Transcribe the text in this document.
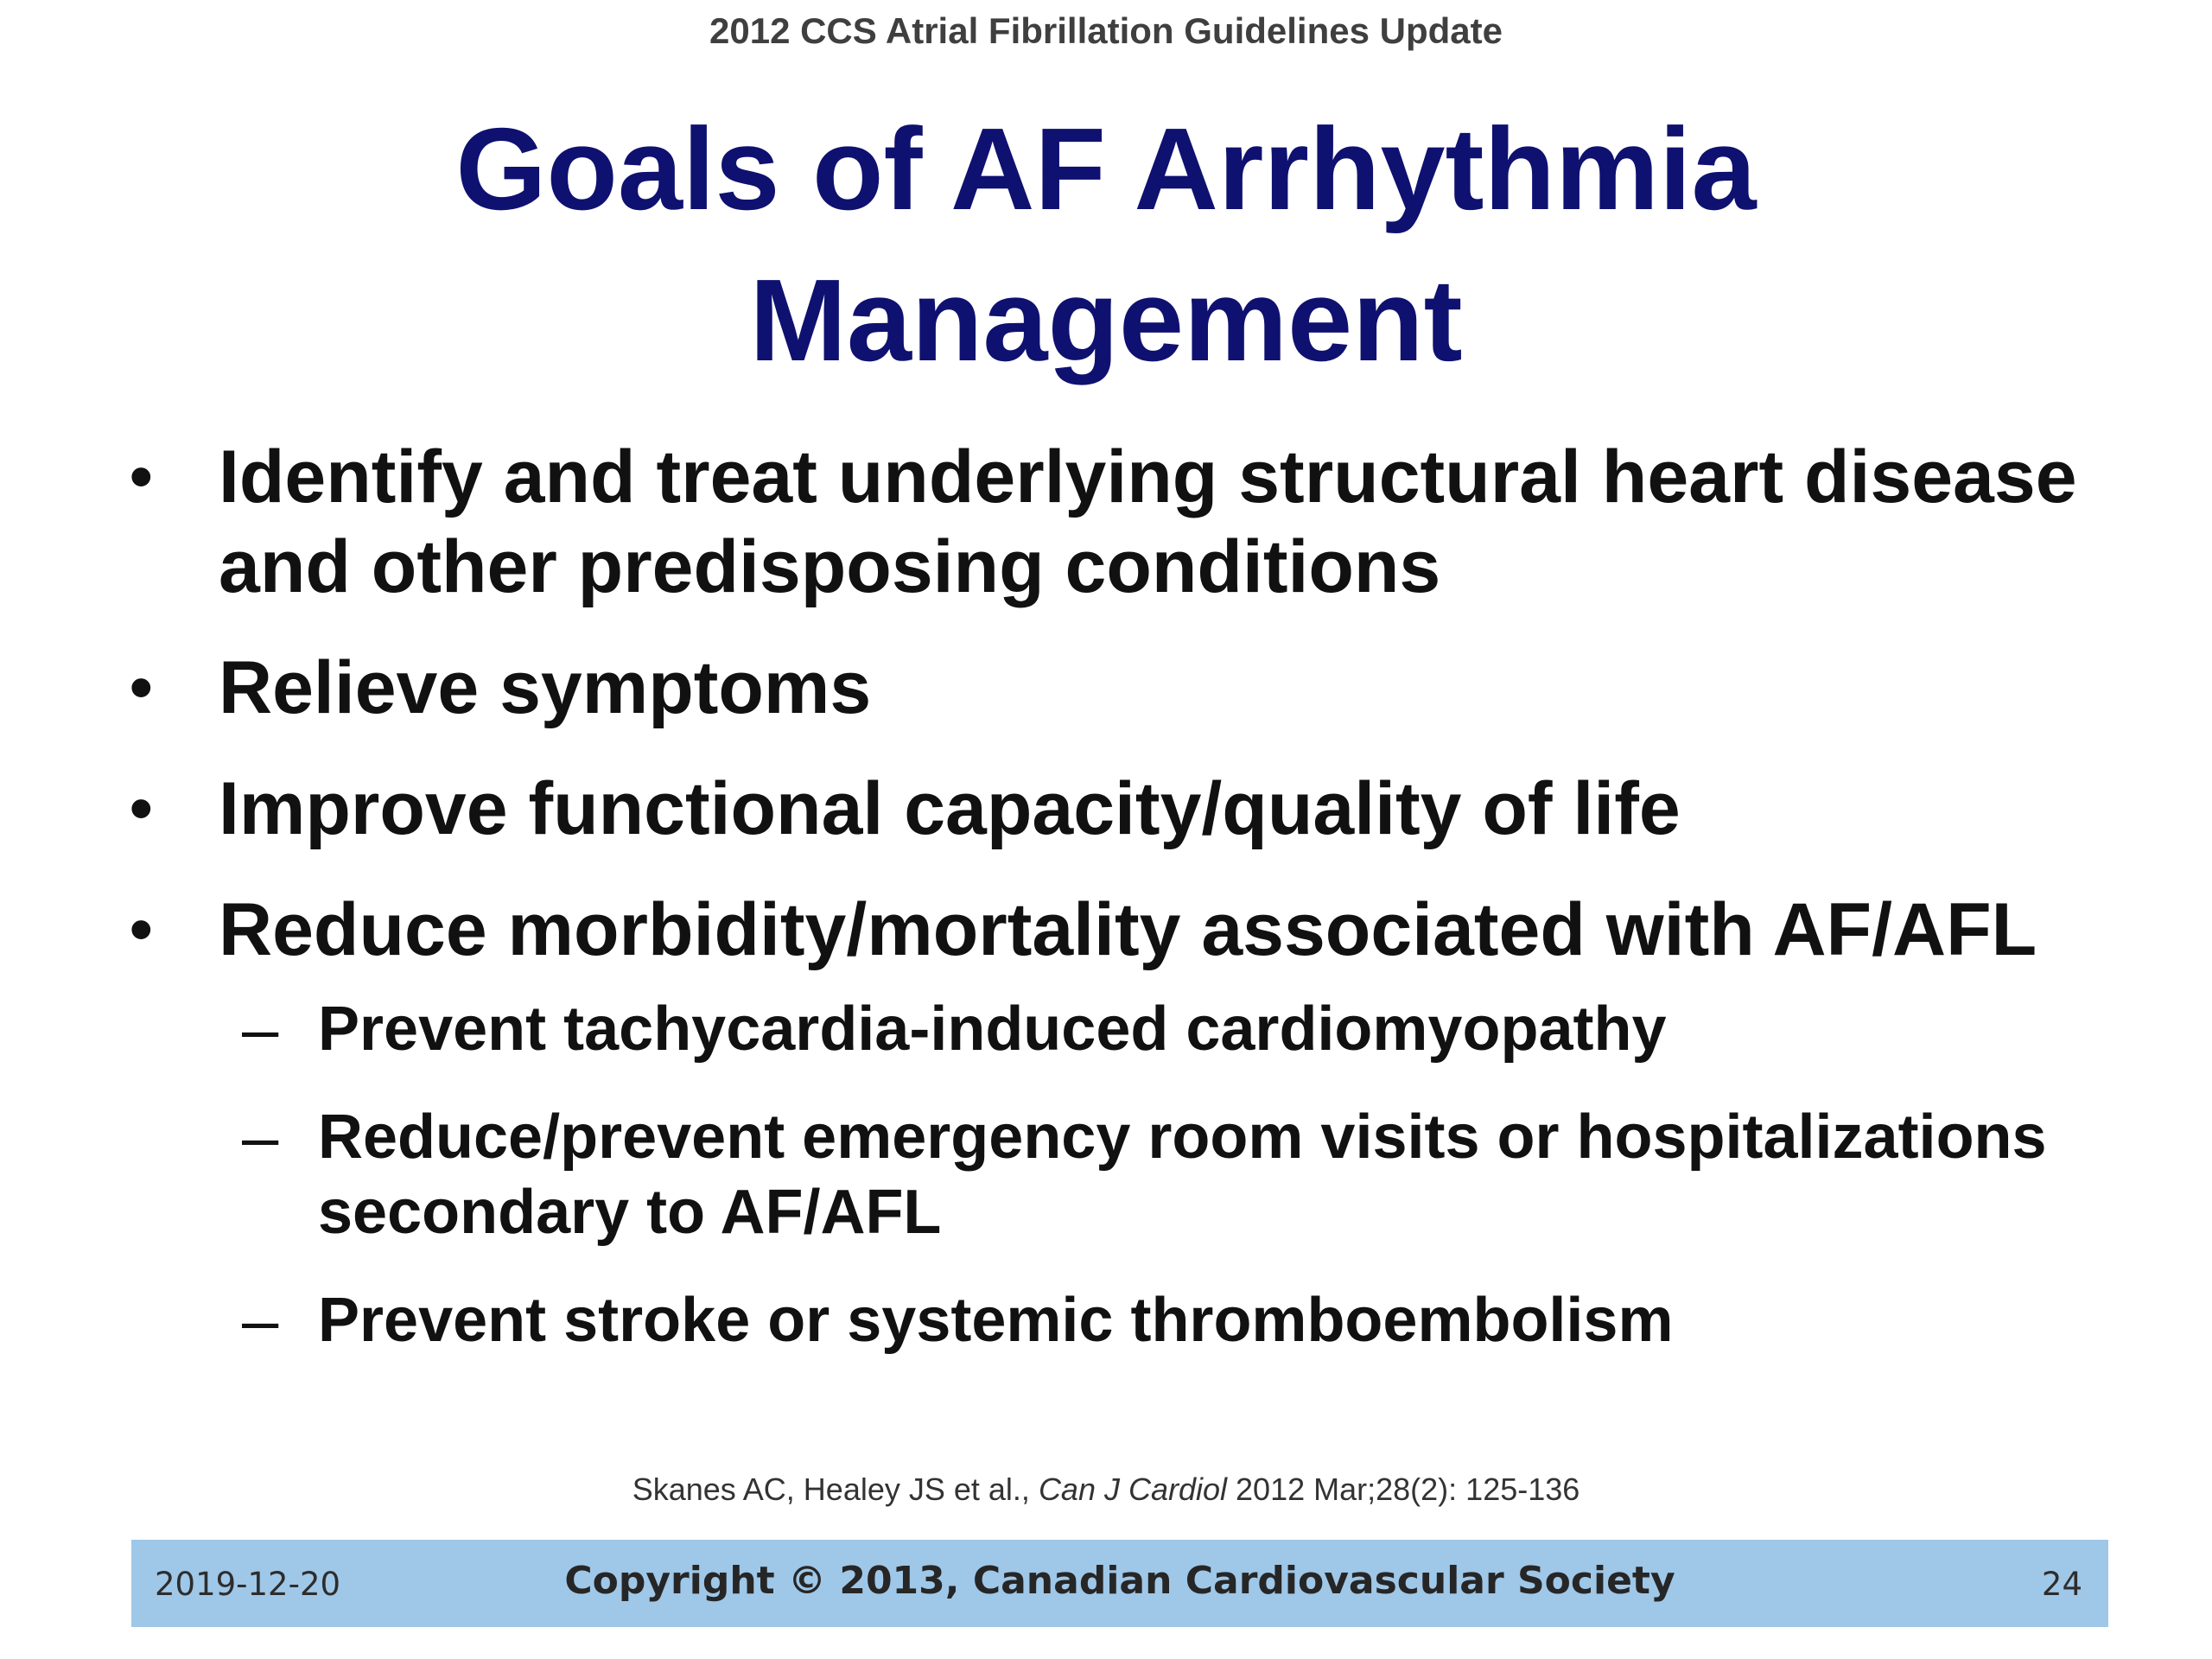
2012 CCS Atrial Fibrillation Guidelines Update
Goals of AF Arrhythmia
Management
• Identify and treat underlying structural heart disease and other predisposing conditions
• Relieve symptoms
• Improve functional capacity/quality of life
• Reduce morbidity/mortality associated with AF/AFL
– Prevent tachycardia-induced cardiomyopathy
– Reduce/prevent emergency room visits or hospitalizations secondary to AF/AFL
– Prevent stroke or systemic thromboembolism
Skanes AC, Healey JS et al., Can J Cardiol 2012 Mar;28(2): 125-136
2019-12-20	Copyright © 2013, Canadian Cardiovascular Society	24
